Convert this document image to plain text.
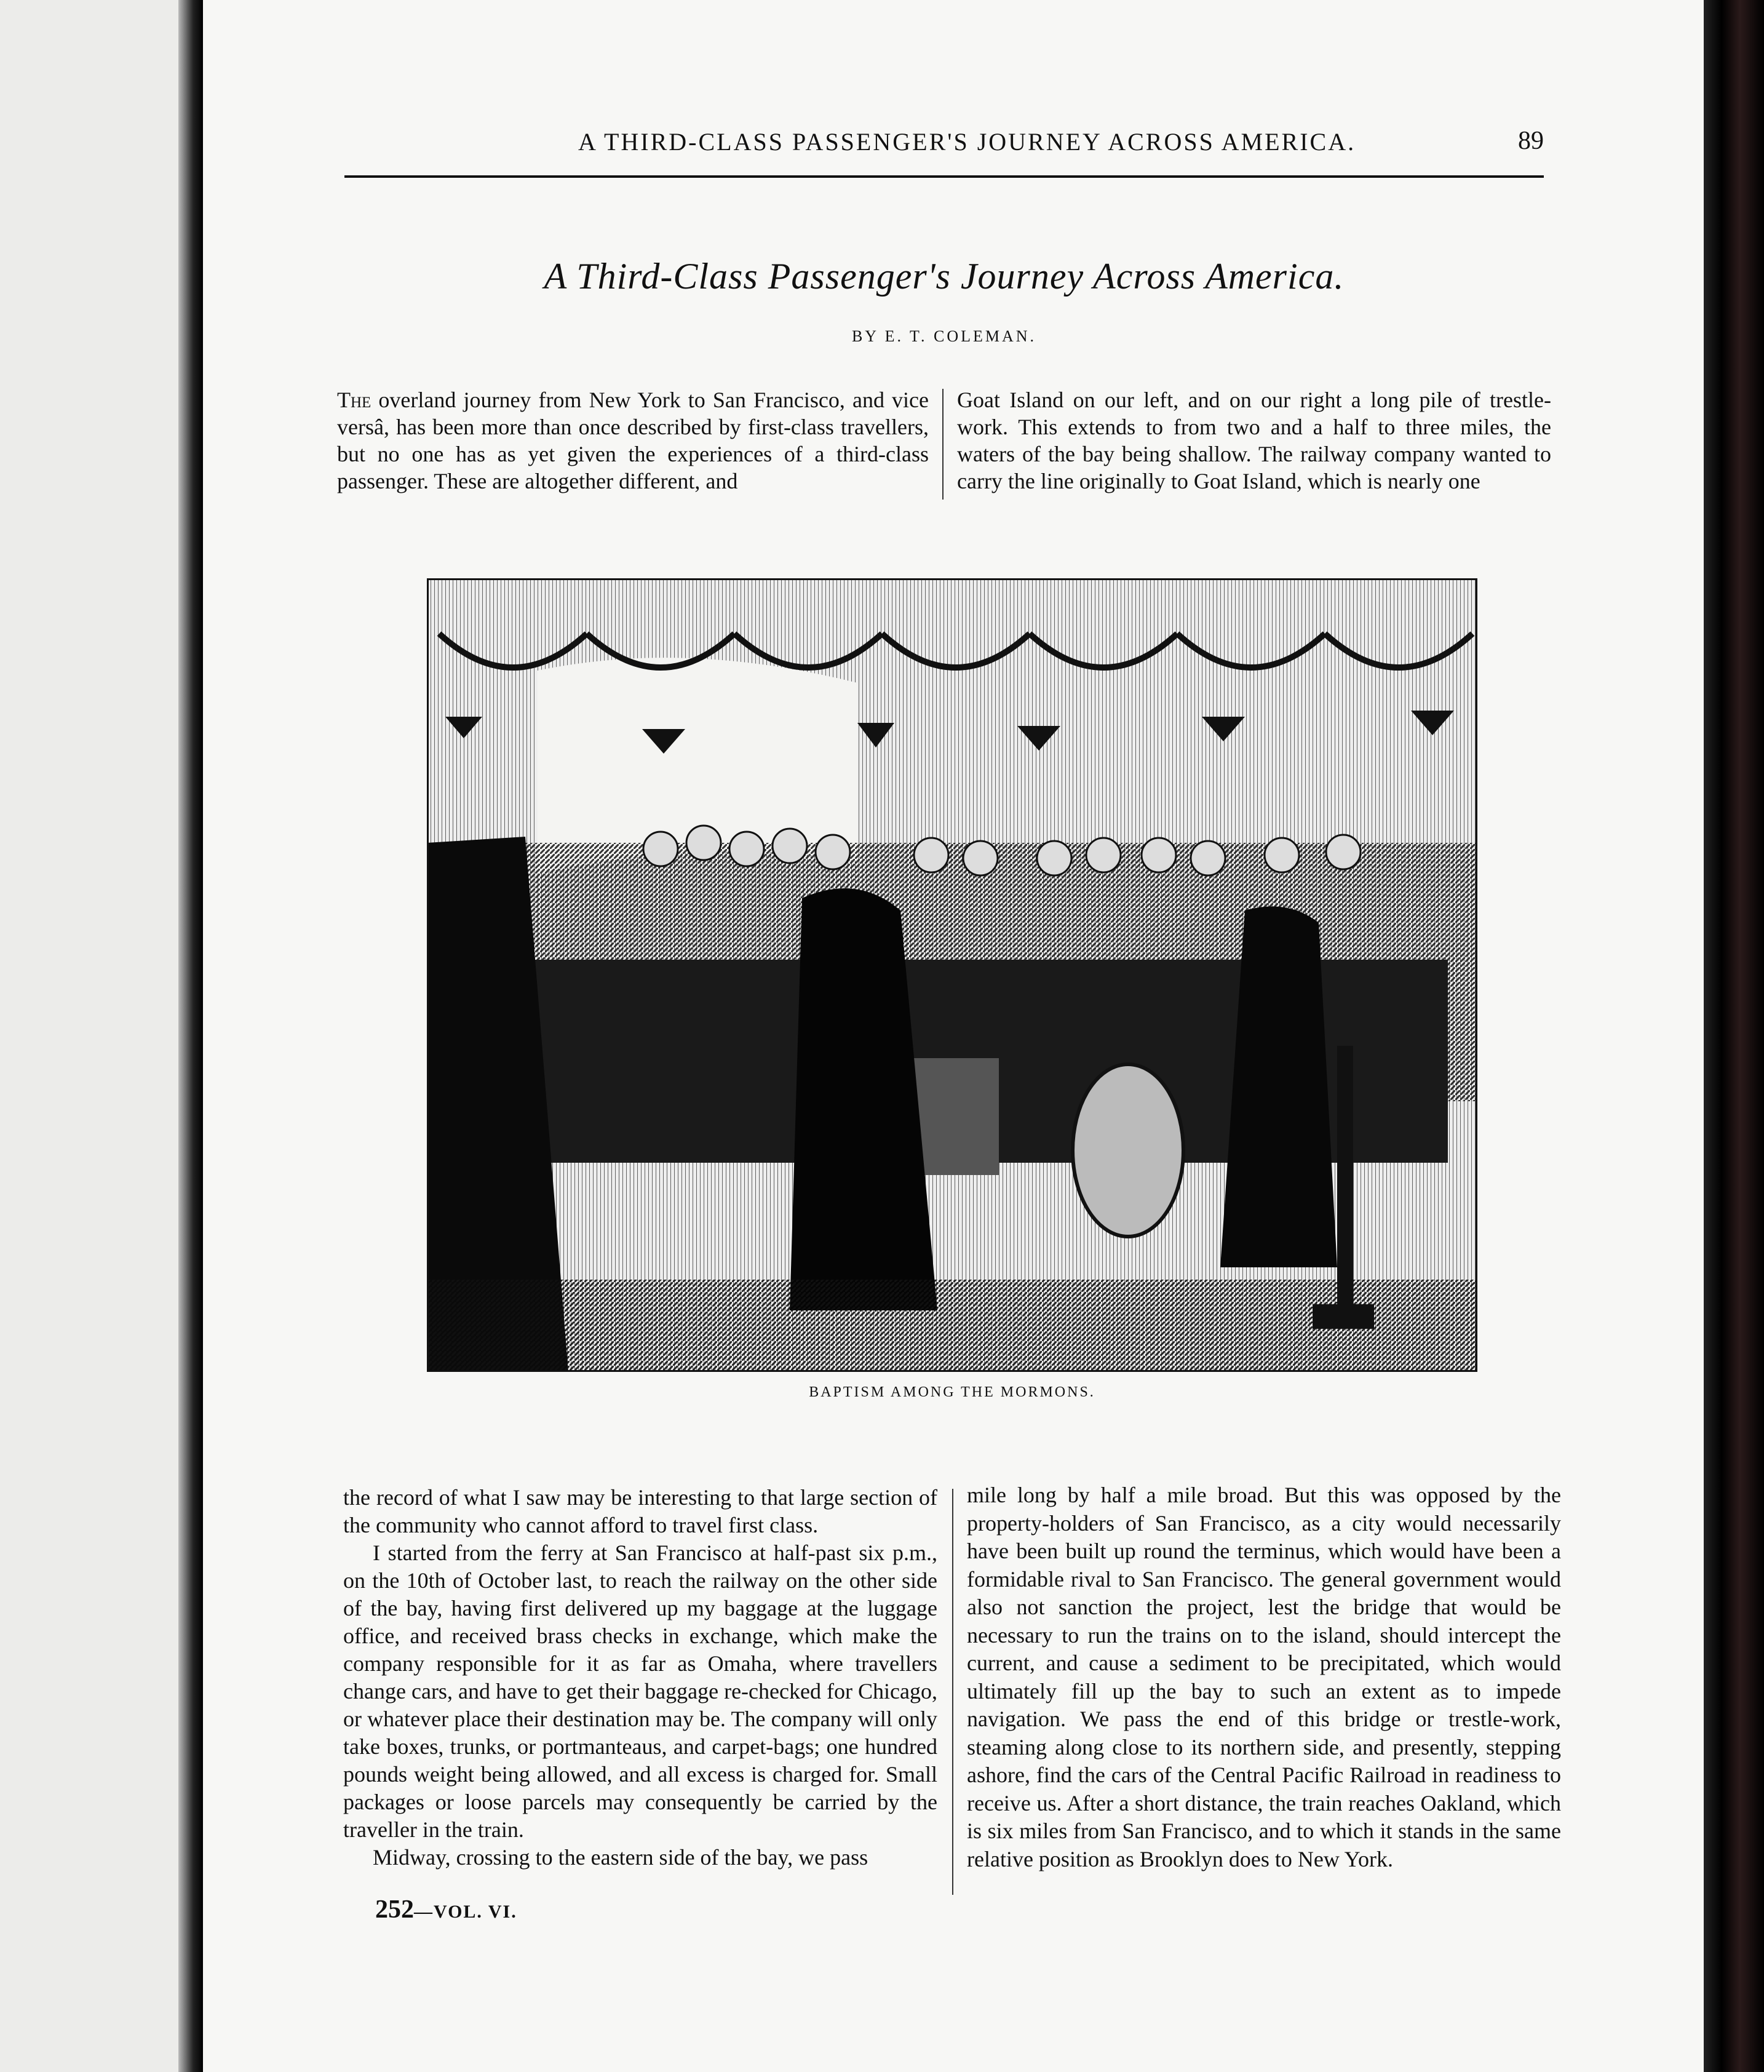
A THIRD-CLASS PASSENGER'S JOURNEY ACROSS AMERICA.	89
A Third-Class Passenger's Journey Across America.
BY E. T. COLEMAN.

The overland journey from New York to San Francisco, and vice versâ, has been more than once described by first-class travellers, but no one has as yet given the experiences of a third-class passenger. These are altogether different, and

Goat Island on our left, and on our right a long pile of trestle-work. This extends to from two and a half to three miles, the waters of the bay being shallow. The railway company wanted to carry the line originally to Goat Island, which is nearly one

BAPTISM AMONG THE MORMONS.

the record of what I saw may be interesting to that large section of the community who cannot afford to travel first class.

I started from the ferry at San Francisco at half-past six p.m., on the 10th of October last, to reach the railway on the other side of the bay, having first delivered up my baggage at the luggage office, and received brass checks in exchange, which make the company responsible for it as far as Omaha, where travellers change cars, and have to get their baggage re-checked for Chicago, or whatever place their destination may be. The company will only take boxes, trunks, or portmanteaus, and carpet-bags; one hundred pounds weight being allowed, and all excess is charged for. Small packages or loose parcels may consequently be carried by the traveller in the train.

Midway, crossing to the eastern side of the bay, we pass

mile long by half a mile broad. But this was opposed by the property-holders of San Francisco, as a city would necessarily have been built up round the terminus, which would have been a formidable rival to San Francisco. The general government would also not sanction the project, lest the bridge that would be necessary to run the trains on to the island, should intercept the current, and cause a sediment to be precipitated, which would ultimately fill up the bay to such an extent as to impede navigation. We pass the end of this bridge or trestle-work, steaming along close to its northern side, and presently, stepping ashore, find the cars of the Central Pacific Railroad in readiness to receive us. After a short distance, the train reaches Oakland, which is six miles from San Francisco, and to which it stands in the same relative position as Brooklyn does to New York.

252—VOL. VI.
